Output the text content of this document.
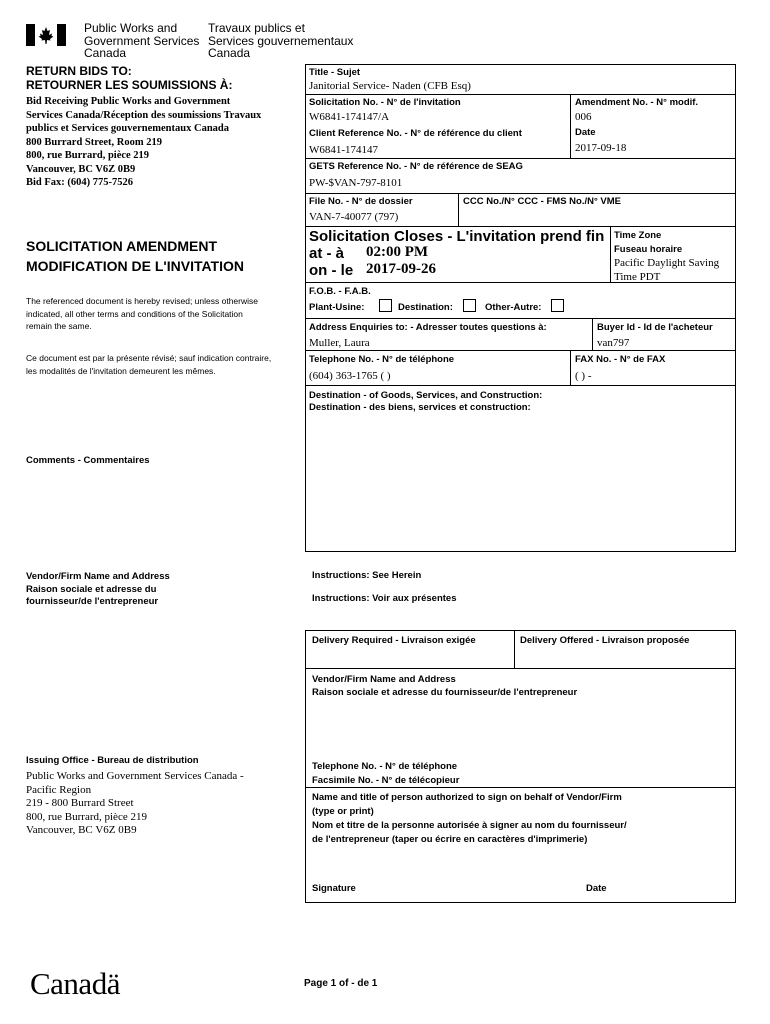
Public Works and
Government Services
Canada
Travaux publics et
Services gouvernementaux
Canada
RETURN BIDS TO:
RETOURNER LES SOUMISSIONS À:
Bid Receiving Public Works and Government
Services Canada/Réception des soumissions Travaux
publics et Services gouvernementaux Canada
800 Burrard Street, Room 219
800, rue Burrard, pièce 219
Vancouver, BC V6Z 0B9
Bid Fax: (604) 775-7526
SOLICITATION AMENDMENT
MODIFICATION DE L'INVITATION
The referenced document is hereby revised; unless otherwise
indicated, all other terms and conditions of the Solicitation
remain the same.
Ce document est par la présente révisé; sauf indication contraire,
les modalités de l'invitation demeurent les mêmes.
Comments - Commentaires
Vendor/Firm Name and Address
Raison sociale et adresse du
fournisseur/de l'entrepreneur
Issuing Office - Bureau de distribution
Public Works and Government Services Canada -
Pacific Region
219 - 800 Burrard Street
800, rue Burrard, pièce 219
Vancouver, BC V6Z 0B9
Title - Sujet
Janitorial Service- Naden (CFB Esq)
Solicitation No. - N° de l'invitation
W6841-174147/A
Amendment No. - N° modif.
006
Client Reference No. - N° de référence du client
W6841-174147
Date
2017-09-18
GETS Reference No. - N° de référence de SEAG
PW-$VAN-797-8101
File No. - N° de dossier
VAN-7-40077 (797)
CCC No./N° CCC - FMS No./N° VME
Solicitation Closes - L'invitation prend fin
at - à 02:00 PM
on - le 2017-09-26
Time Zone
Fuseau horaire
Pacific Daylight Saving
Time PDT
F.O.B. - F.A.B.
Plant-Usine:	Destination:	Other-Autre:
Address Enquiries to: - Adresser toutes questions à:
Muller, Laura
Buyer Id - Id de l'acheteur
van797
Telephone No. - N° de téléphone
(604) 363-1765 ( )
FAX No. - N° de FAX
( ) -
Destination - of Goods, Services, and Construction:
Destination - des biens, services et construction:
Instructions: See Herein
Instructions: Voir aux présentes
Delivery Required - Livraison exigée	Delivery Offered - Livraison proposée
Vendor/Firm Name and Address
Raison sociale et adresse du fournisseur/de l'entrepreneur
Telephone No. - N° de téléphone
Facsimile No. - N° de télécopieur
Name and title of person authorized to sign on behalf of Vendor/Firm
(type or print)
Nom et titre de la personne autorisée à signer au nom du fournisseur/
de l'entrepreneur (taper ou écrire en caractères d'imprimerie)
Signature	Date
Canadä	Page 1 of - de 1
